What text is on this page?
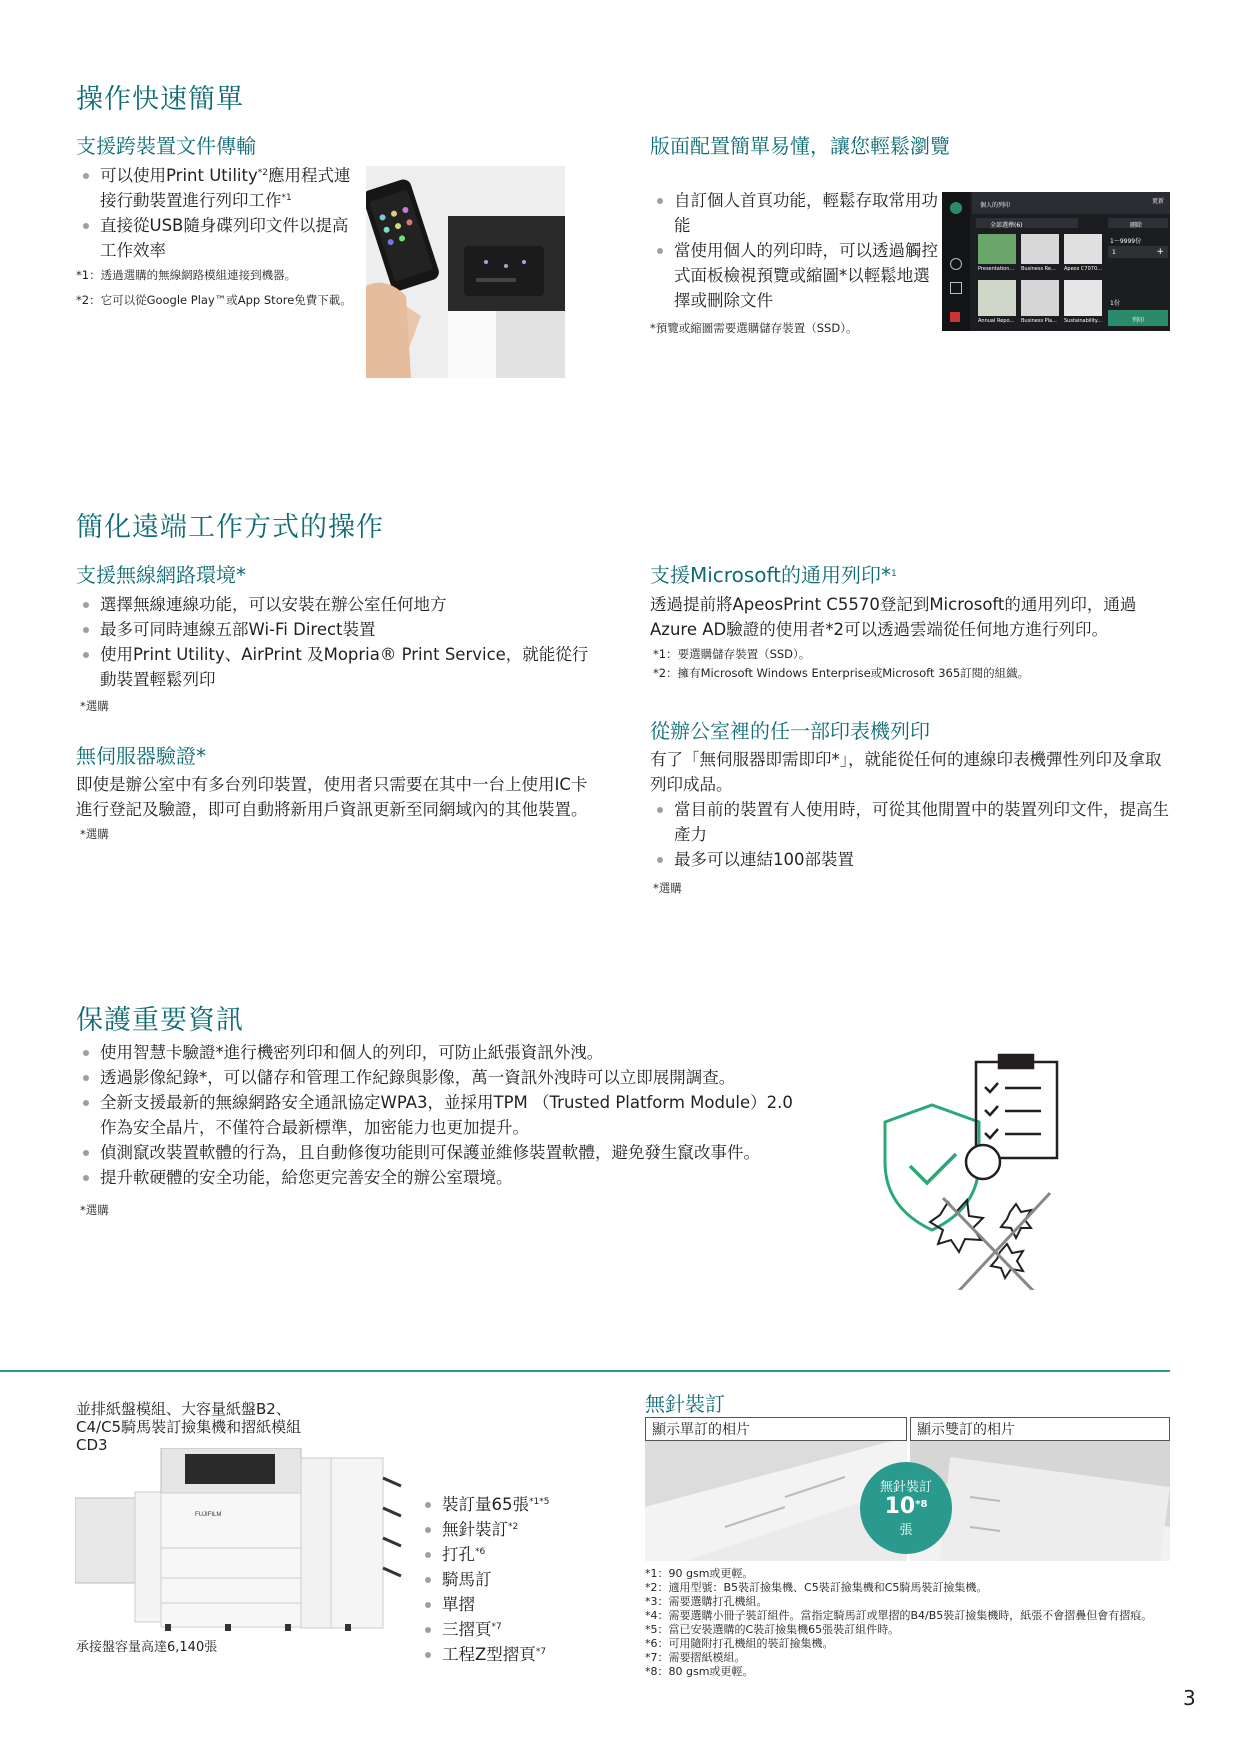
操作快速簡單
支援跨裝置文件傳輸
可以使用Print Utility$^{*2}$應用程式連接行動裝置進行列印工作$^{*1}$
直接從USB隨身碟列印文件以提高工作效率
*1：透過選購的無線網路模組連接到機器。
*2：它可以從Google Play™或App Store免費下載。
版面配置簡單易懂，讓您輕鬆瀏覽
自訂個人首頁功能，輕鬆存取常用功能
當使用個人的列印時，可以透過觸控式面板檢視預覽或縮圖*以輕鬆地選擇或刪除文件
*預覽或縮圖需要選購儲存裝置（SSD）。
個人的列印
更新
全部選擇(6)	刪除
Presentation... Business Re... Apeos C7070...
Annual Repo... Business Pla... Sustainability...
1～9999份
1	+
1份
列印
簡化遠端工作方式的操作
支援無線網路環境*
選擇無線連線功能，可以安裝在辦公室任何地方
最多可同時連線五部Wi-Fi Direct裝置
使用Print Utility、AirPrint 及Mopria® Print Service，就能從行動裝置輕鬆列印
*選購
無伺服器驗證*
即使是辦公室中有多台列印裝置，使用者只需要在其中一台上使用IC卡進行登記及驗證，即可自動將新用戶資訊更新至同網域內的其他裝置。
*選購
支援Microsoft的通用列印*$^1$
透過提前將ApeosPrint C5570登記到Microsoft的通用列印，通過Azure AD驗證的使用者*2可以透過雲端從任何地方進行列印。
*1：要選購儲存裝置（SSD）。
*2：擁有Microsoft Windows Enterprise或Microsoft 365訂閱的組織。
從辦公室裡的任一部印表機列印
有了「無伺服器即需即印*」，就能從任何的連線印表機彈性列印及拿取列印成品。
當目前的裝置有人使用時，可從其他閒置中的裝置列印文件，提高生產力
最多可以連結100部裝置
*選購
保護重要資訊
使用智慧卡驗證*進行機密列印和個人的列印，可防止紙張資訊外洩。
透過影像紀錄*，可以儲存和管理工作紀錄與影像，萬一資訊外洩時可以立即展開調查。
全新支援最新的無線網路安全通訊協定WPA3，並採用TPM （Trusted Platform Module）2.0作為安全晶片，不僅符合最新標準，加密能力也更加提升。
偵測竄改裝置軟體的行為，且自動修復功能則可保護並維修裝置軟體，避免發生竄改事件。
提升軟硬體的安全功能，給您更完善安全的辦公室環境。
*選購
並排紙盤模組、大容量紙盤B2、C4/C5騎馬裝訂撿集機和摺紙模組CD3
FUJIFILM
裝訂量65張$^{*1*5}$
無針裝訂$^{*2}$
打孔$^{*6}$
騎馬訂
單摺
三摺頁$^{*7}$
工程Z型摺頁$^{*7}$
承接盤容量高達6,140張
無針裝訂
顯示單訂的相片	顯示雙訂的相片
無針裝訂
10$^{*8}$
張
*1：90 gsm或更輕。
*2：適用型號：B5裝訂撿集機、C5裝訂撿集機和C5騎馬裝訂撿集機。
*3：需要選購打孔機組。
*4：需要選購小冊子裝訂組件。當指定騎馬訂或單摺的B4/B5裝訂撿集機時，紙張不會摺疊但會有摺痕。
*5：當已安裝選購的C裝訂撿集機65張裝訂組件時。
*6：可用隨附打孔機組的裝訂撿集機。
*7：需要摺紙模組。
*8：80 gsm或更輕。
3
